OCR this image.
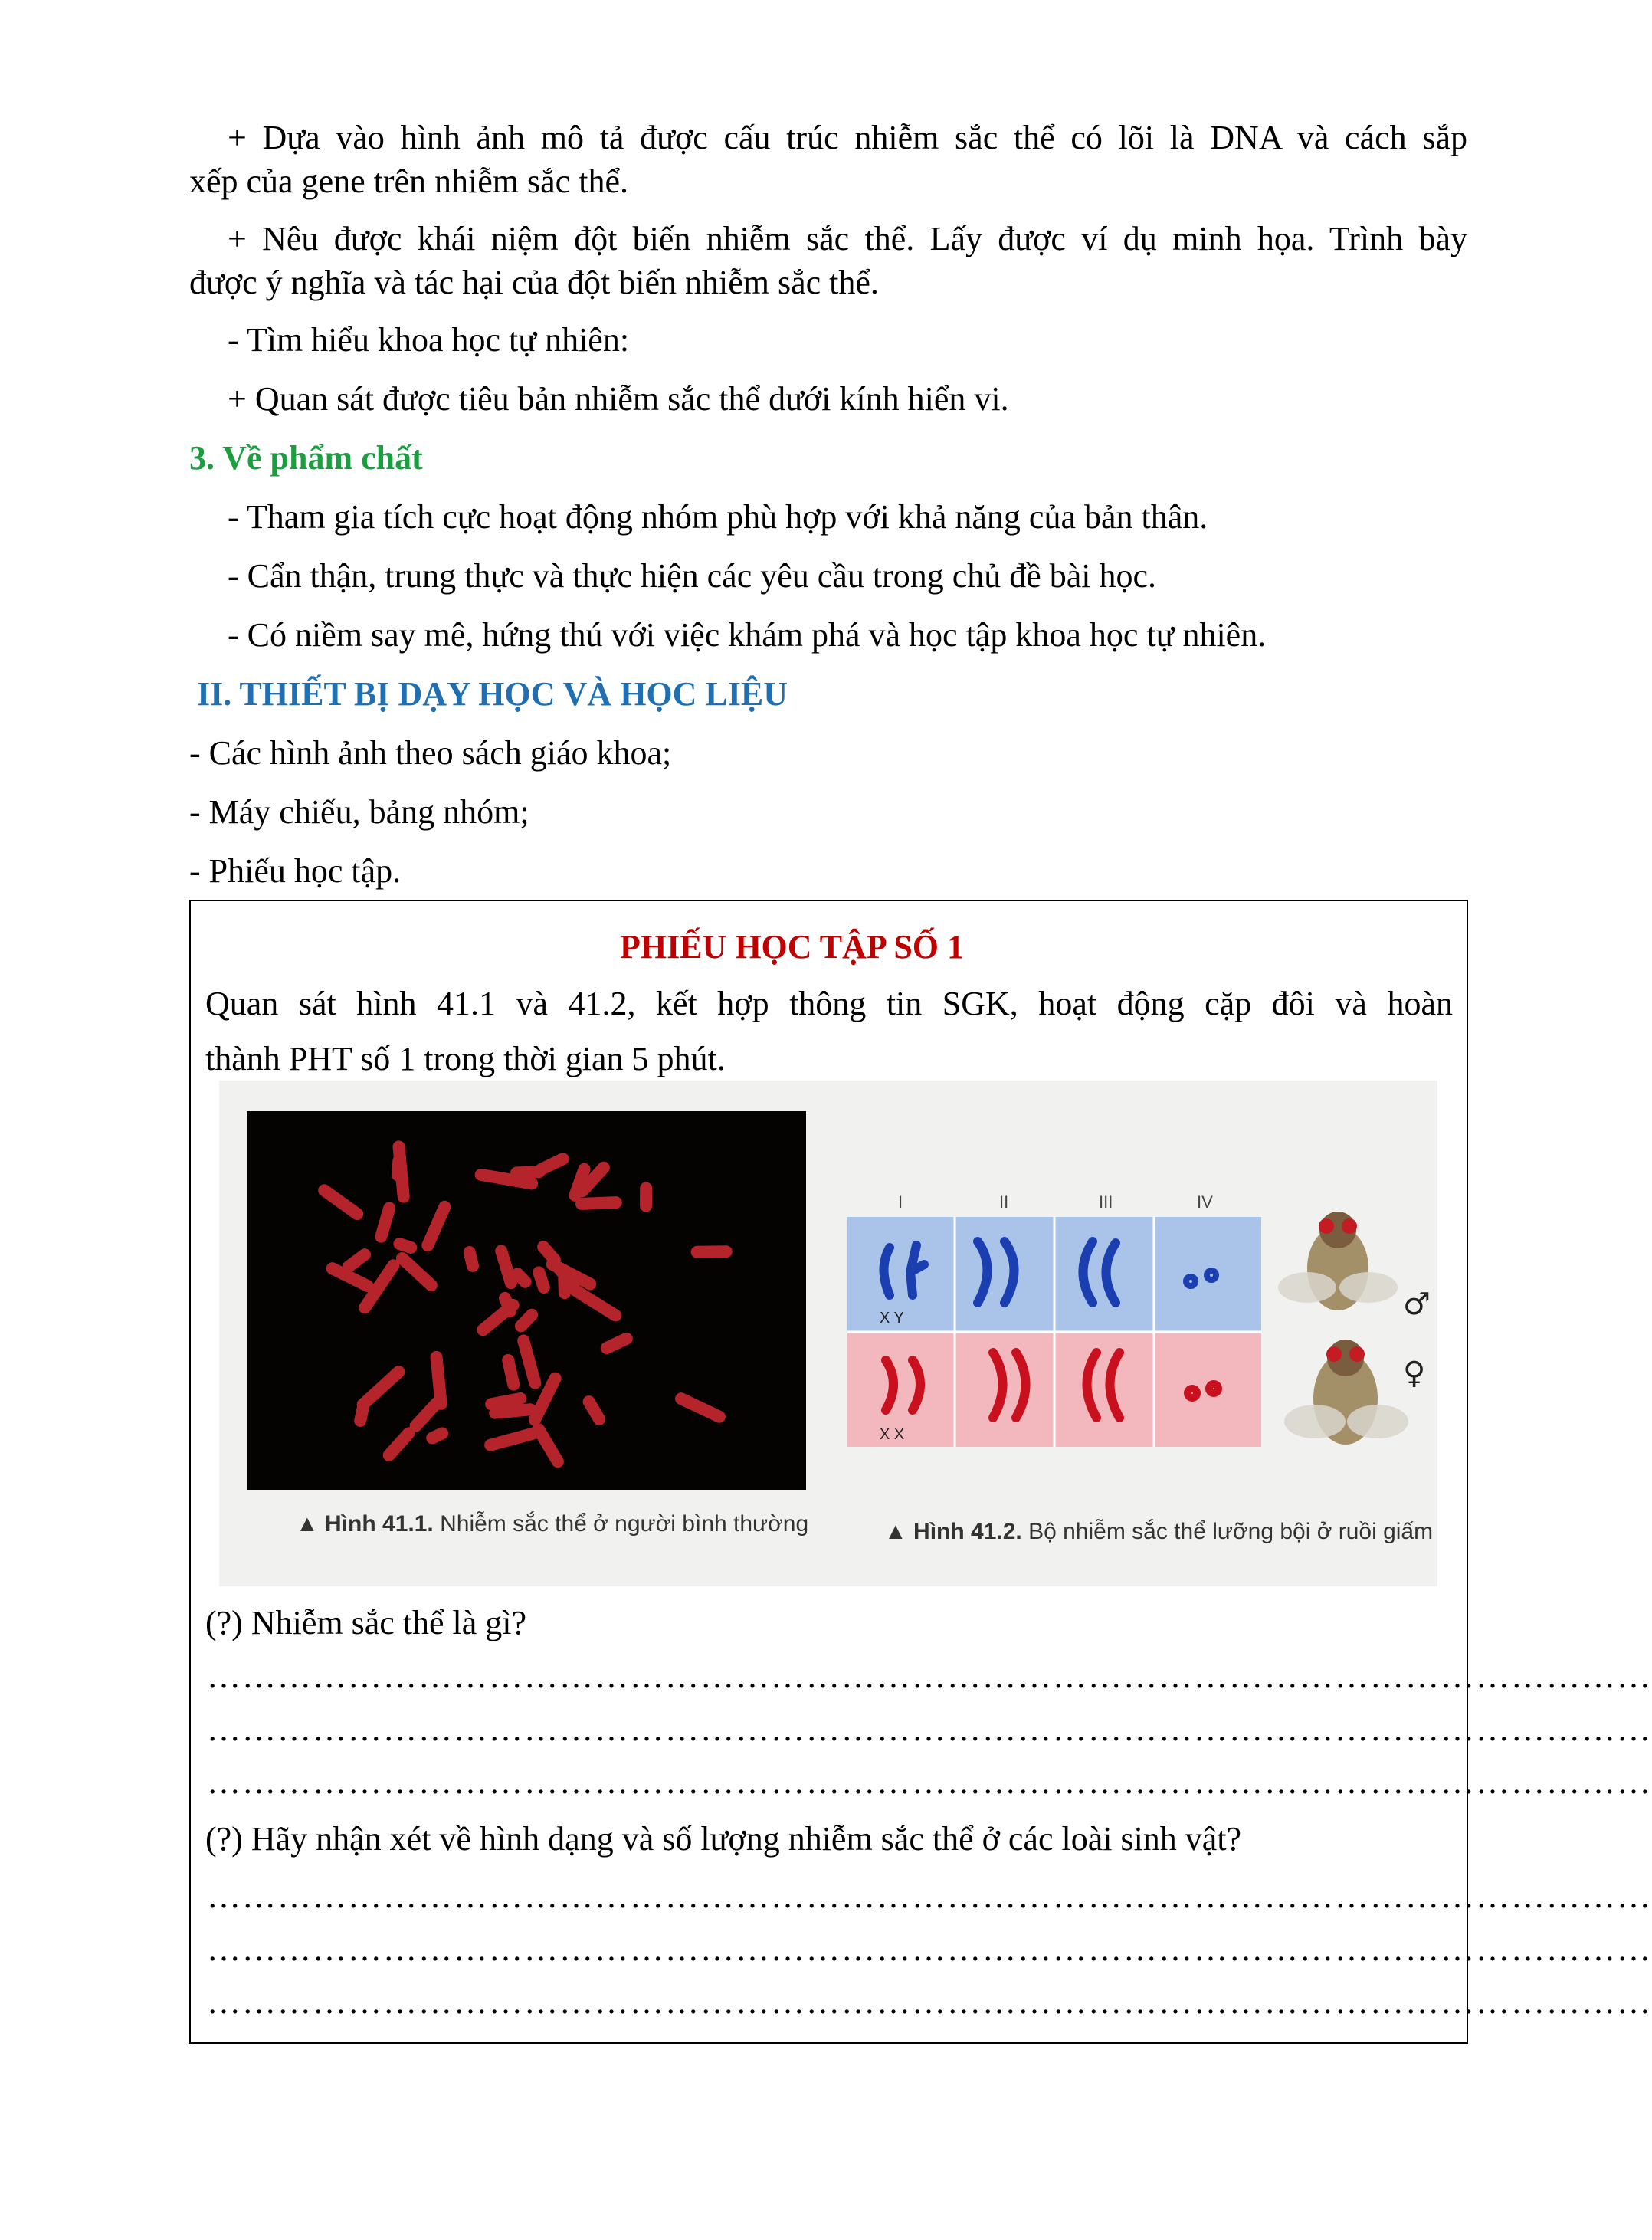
+ Dựa vào hình ảnh mô tả được cấu trúc nhiễm sắc thể có lõi là DNA và cách sắp
xếp của gene trên nhiễm sắc thể.
+ Nêu được khái niệm đột biến nhiễm sắc thể. Lấy được ví dụ minh họa. Trình bày
được ý nghĩa và tác hại của đột biến nhiễm sắc thể.
- Tìm hiểu khoa học tự nhiên:
+ Quan sát được tiêu bản nhiễm sắc thể dưới kính hiển vi.
3. Về phẩm chất
- Tham gia tích cực hoạt động nhóm phù hợp với khả năng của bản thân.
- Cẩn thận, trung thực và thực hiện các yêu cầu trong chủ đề bài học.
- Có niềm say mê, hứng thú với việc khám phá và học tập khoa học tự nhiên.
II. THIẾT BỊ DẠY HỌC VÀ HỌC LIỆU
- Các hình ảnh theo sách giáo khoa;
- Máy chiếu, bảng nhóm;
- Phiếu học tập.
PHIẾU HỌC TẬP SỐ 1
Quan sát hình 41.1 và 41.2, kết hợp thông tin SGK, hoạt động cặp đôi và hoàn
thành PHT số 1 trong thời gian 5 phút.
▲ Hình 41.1. Nhiễm sắc thể ở người bình thường

I	II	III	IV
X Y
X X
♂
♀
▲ Hình 41.2. Bộ nhiễm sắc thể lưỡng bội ở ruồi giấm
(?) Nhiễm sắc thể là gì?
……………………………………………………………………………………………………………
……………………………………………………………………………………………………………
……………………………………………………………………………………………………………
(?) Hãy nhận xét về hình dạng và số lượng nhiễm sắc thể ở các loài sinh vật?
……………………………………………………………………………………………………………
……………………………………………………………………………………………………………
……………………………………………………………………………………………………………
